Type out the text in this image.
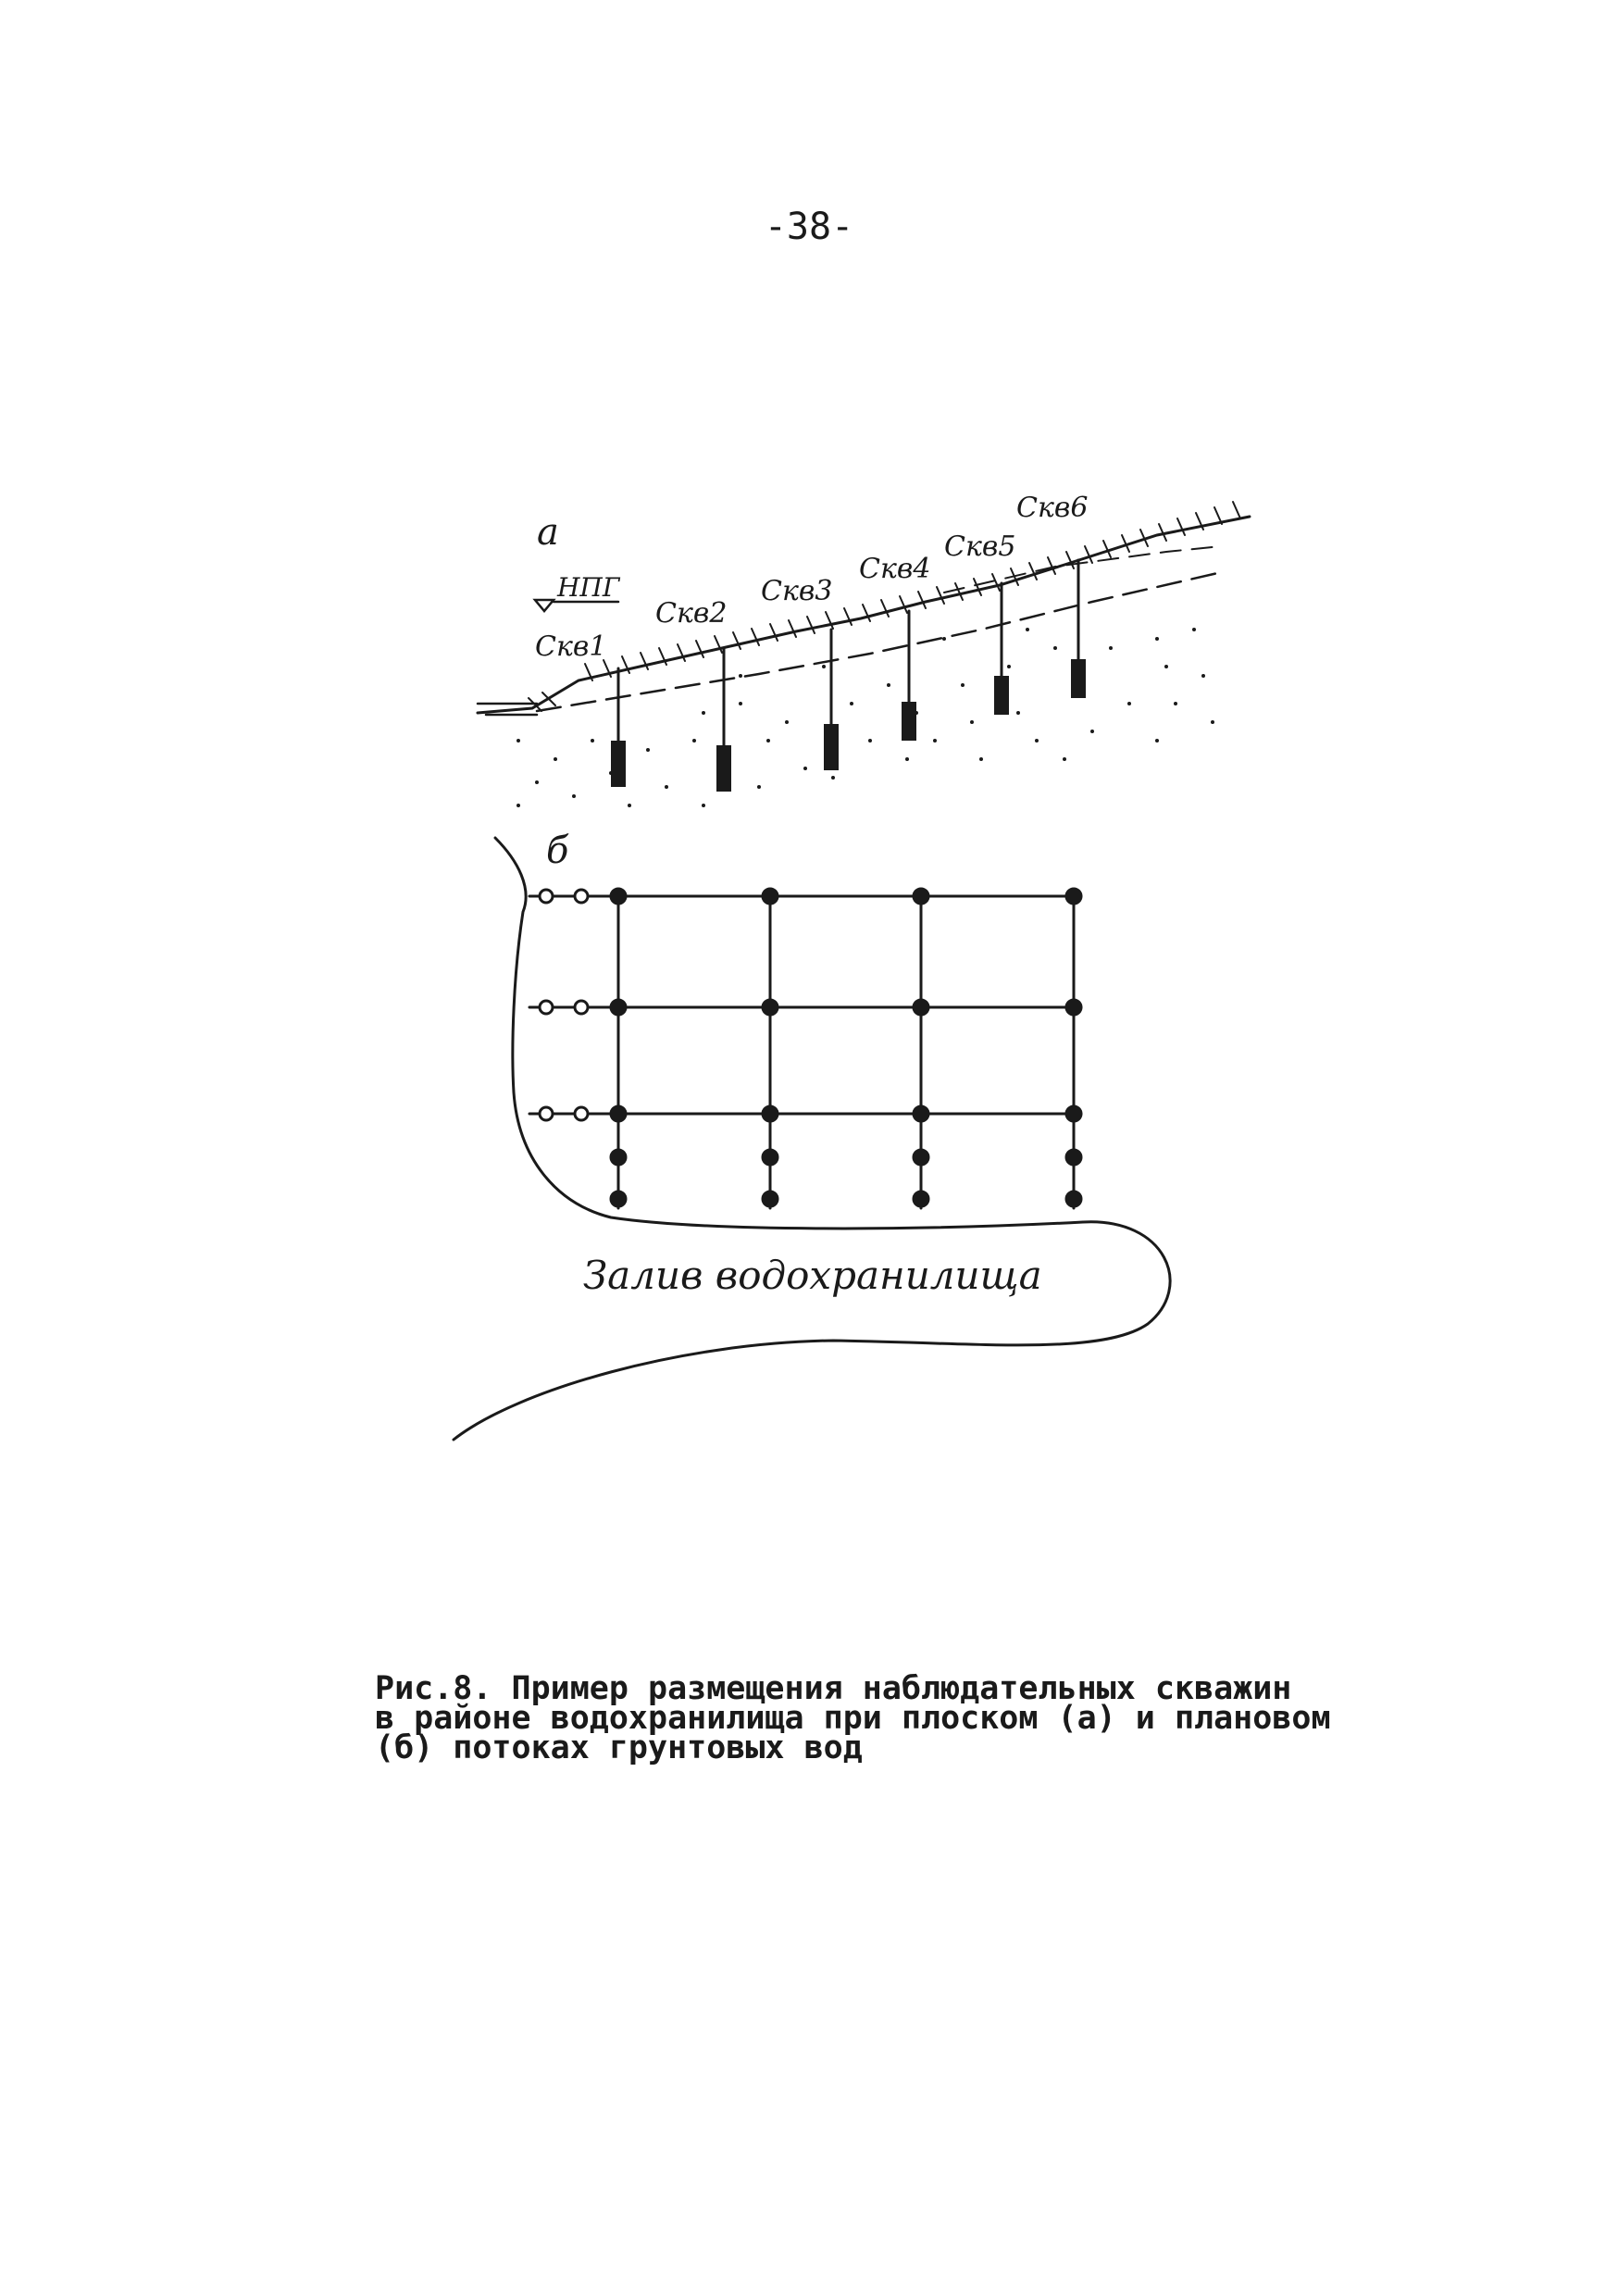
-38-
а
НПГ
Скв1
Скв2
Скв3
Скв4
Скв5
Скв6
б
Залив водохранилища
Рис.8. Пример размещения наблюдательных скважин
в районе водохранилища при плоском (а) и плановом
(б) потоках грунтовых вод
